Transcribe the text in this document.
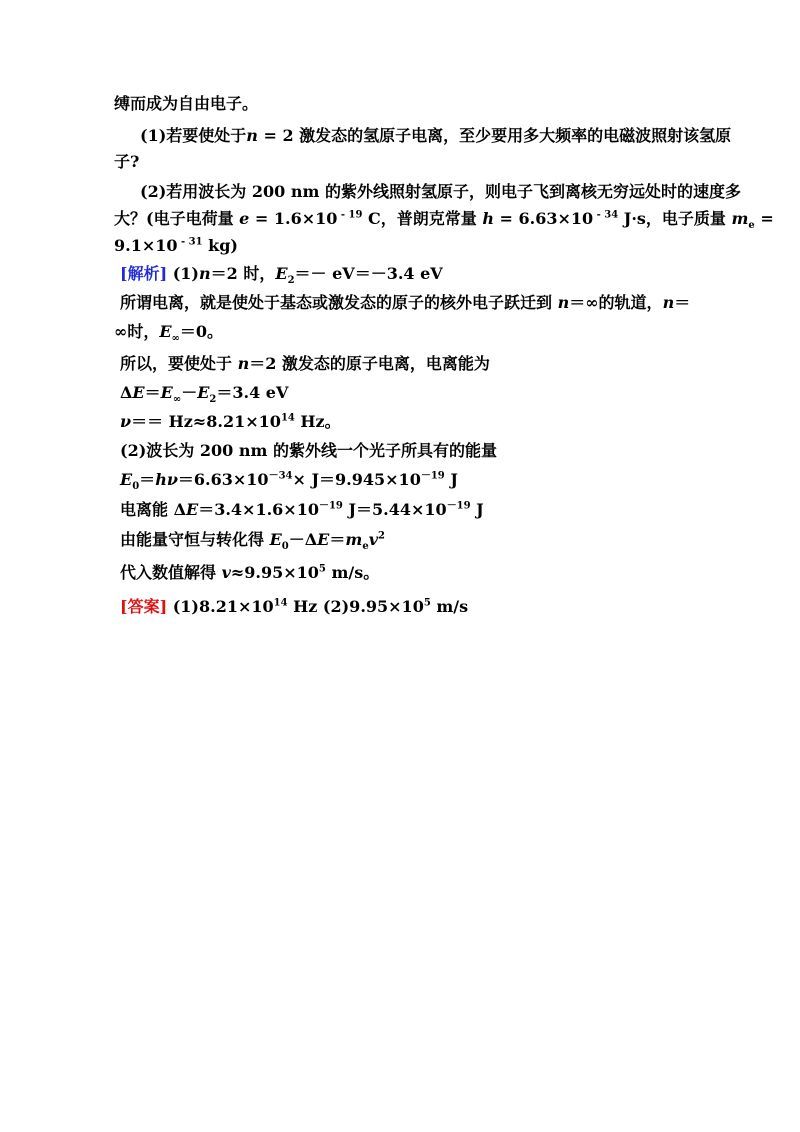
缚而成为自由电子。
(1)若要使处于n = 2 激发态的氢原子电离，至少要用多大频率的电磁波照射该氢原
子?
(2)若用波长为 200 nm 的紫外线照射氢原子，则电子飞到离核无穷远处时的速度多
大？(电子电荷量 e = 1.6×10 $^{- 19}$ C，普朗克常量 h = 6.63×10 $^{- 34}$ J·s，电子质量 $m_e$ =
9.1×10 $^{- 31}$ kg)
[解析] (1)n＝2 时，$E_2=- eV=-3.4$ eV
所谓电离，就是使处于基态或激发态的原子的核外电子跃迁到 n＝∞的轨道，n＝
∞时，$E_\infty=0$。
所以，要使处于 n＝2 激发态的原子电离，电离能为
$\Delta E=E_\infty-E_2=3.4$ eV
$\nu== Hz\approx 8.21\times 10^{14}$ Hz。
(2)波长为 200 nm 的紫外线一个光子所具有的能量
$E_0=h\nu=6.63\times 10^{-34}\times J=9.945\times 10^{-19}$ J
电离能 $\Delta E=3.4\times 1.6\times 10^{-19}$ $J=5.44\times 10^{-19}$ J
由能量守恒与转化得 $E_0-\Delta E=m_ev^2$
代入数值解得 $v\approx 9.95\times 10^5$ m/s。
[答案] $(1)8.21\times 10^{14}$ Hz $(2)9.95\times 10^5$ m/s
